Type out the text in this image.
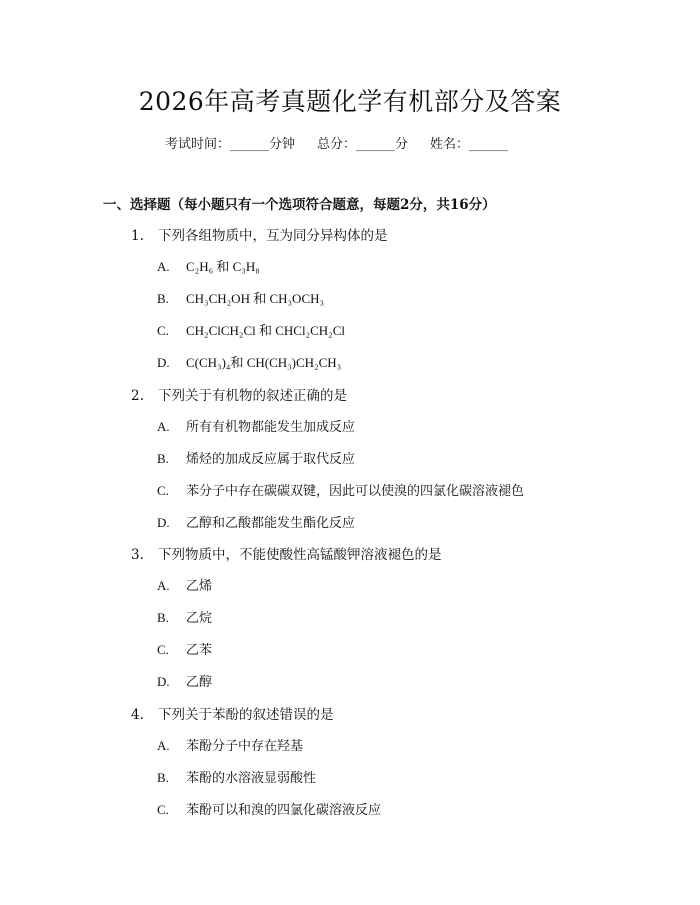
2026年高考真题化学有机部分及答案
考试时间：______分钟 总分：______分 姓名：______
一、选择题（每小题只有一个选项符合题意，每题2分，共16分）
1. 下列各组物质中，互为同分异构体的是
A. C₂H₆ 和 C₃H₈
B. CH₃CH₂OH 和 CH₃OCH₃
C. CH₂ClCH₂Cl 和 CHCl₂CH₂Cl
D. C(CH₃)₄和 CH(CH₃)CH₂CH₃
2. 下列关于有机物的叙述正确的是
A. 所有有机物都能发生加成反应
B. 烯烃的加成反应属于取代反应
C. 苯分子中存在碳碳双键，因此可以使溴的四氯化碳溶液褪色
D. 乙醇和乙酸都能发生酯化反应
3. 下列物质中，不能使酸性高锰酸钾溶液褪色的是
A. 乙烯
B. 乙烷
C. 乙苯
D. 乙醇
4. 下列关于苯酚的叙述错误的是
A. 苯酚分子中存在羟基
B. 苯酚的水溶液显弱酸性
C. 苯酚可以和溴的四氯化碳溶液反应
